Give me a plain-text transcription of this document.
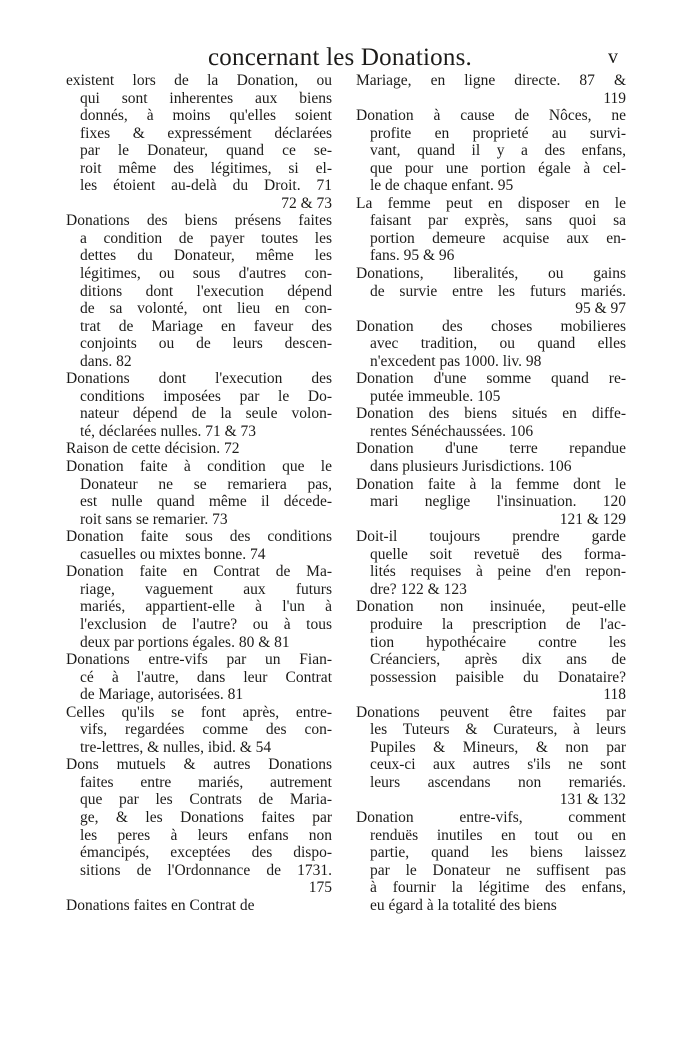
concernant les Donations.	v
existent lors de la Donation, ou
qui sont inherentes aux biens
donnés, à moins qu'elles soient
fixes & expressément déclarées
par le Donateur, quand ce se-
roit même des légitimes, si el-
les étoient au-delà du Droit. 71
72 & 73
Donations des biens présens faites
a condition de payer toutes les
dettes du Donateur, même les
légitimes, ou sous d'autres con-
ditions dont l'execution dépend
de sa volonté, ont lieu en con-
trat de Mariage en faveur des
conjoints ou de leurs descen-
dans. 82
Donations dont l'execution des
conditions imposées par le Do-
nateur dépend de la seule volon-
té, déclarées nulles. 71 & 73
Raison de cette décision. 72
Donation faite à condition que le
Donateur ne se remariera pas,
est nulle quand même il décede-
roit sans se remarier. 73
Donation faite sous des conditions
casuelles ou mixtes bonne. 74
Donation faite en Contrat de Ma-
riage, vaguement aux futurs
mariés, appartient-elle à l'un à
l'exclusion de l'autre? ou à tous
deux par portions égales. 80 & 81
Donations entre-vifs par un Fian-
cé à l'autre, dans leur Contrat
de Mariage, autorisées. 81
Celles qu'ils se font après, entre-
vifs, regardées comme des con-
tre-lettres, & nulles, ibid. & 54
Dons mutuels & autres Donations
faites entre mariés, autrement
que par les Contrats de Maria-
ge, & les Donations faites par
les peres à leurs enfans non
émancipés, exceptées des dispo-
sitions de l'Ordonnance de 1731.
175
Donations faites en Contrat de
Mariage, en ligne directe. 87 &
119
Donation à cause de Nôces, ne
profite en proprieté au survi-
vant, quand il y a des enfans,
que pour une portion égale à cel-
le de chaque enfant. 95
La femme peut en disposer en le
faisant par exprès, sans quoi sa
portion demeure acquise aux en-
fans. 95 & 96
Donations, liberalités, ou gains
de survie entre les futurs mariés.
95 & 97
Donation des choses mobilieres
avec tradition, ou quand elles
n'excedent pas 1000. liv. 98
Donation d'une somme quand re-
putée immeuble. 105
Donation des biens situés en diffe-
rentes Sénéchaussées. 106
Donation d'une terre repandue
dans plusieurs Jurisdictions. 106
Donation faite à la femme dont le
mari neglige l'insinuation. 120
121 & 129
Doit-il toujours prendre garde
quelle soit revetuë des forma-
lités requises à peine d'en repon-
dre? 122 & 123
Donation non insinuée, peut-elle
produire la prescription de l'ac-
tion hypothécaire contre les
Créanciers, après dix ans de
possession paisible du Donataire?
118
Donations peuvent être faites par
les Tuteurs & Curateurs, à leurs
Pupiles & Mineurs, & non par
ceux-ci aux autres s'ils ne sont
leurs ascendans non remariés.
131 & 132
Donation entre-vifs, comment
renduës inutiles en tout ou en
partie, quand les biens laissez
par le Donateur ne suffisent pas
à fournir la légitime des enfans,
eu égard à la totalité des biens
